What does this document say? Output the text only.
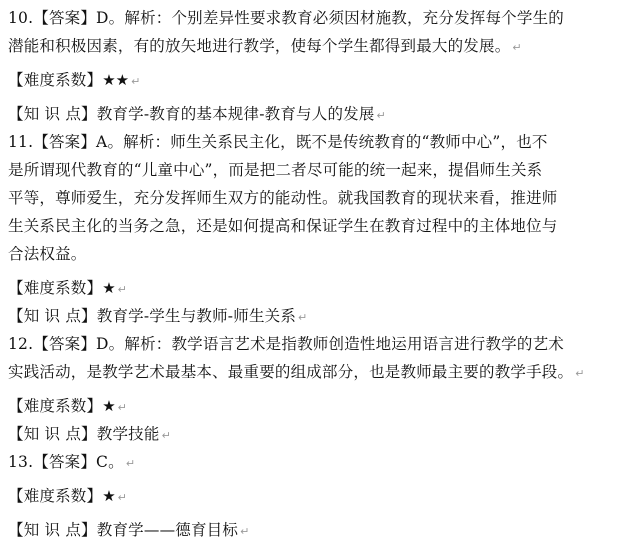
10.【答案】D。解析：个别差异性要求教育必须因材施教，充分发挥每个学生的
潜能和积极因素，有的放矢地进行教学，使每个学生都得到最大的发展。 ↵
【难度系数】★★ ↵
【知 识 点】教育学-教育的基本规律-教育与人的发展 ↵
11.【答案】A。解析：师生关系民主化，既不是传统教育的“教师中心”，也不
是所谓现代教育的“儿童中心”，而是把二者尽可能的统一起来，提倡师生关系
平等，尊师爱生，充分发挥师生双方的能动性。就我国教育的现状来看，推进师
生关系民主化的当务之急，还是如何提高和保证学生在教育过程中的主体地位与
合法权益。
【难度系数】★ ↵
【知 识 点】教育学-学生与教师-师生关系 ↵
12.【答案】D。解析：教学语言艺术是指教师创造性地运用语言进行教学的艺术
实践活动，是教学艺术最基本、最重要的组成部分，也是教师最主要的教学手段。 ↵
【难度系数】★ ↵
【知 识 点】教学技能 ↵
13.【答案】C。 ↵
【难度系数】★ ↵
【知 识 点】教育学——德育目标 ↵
